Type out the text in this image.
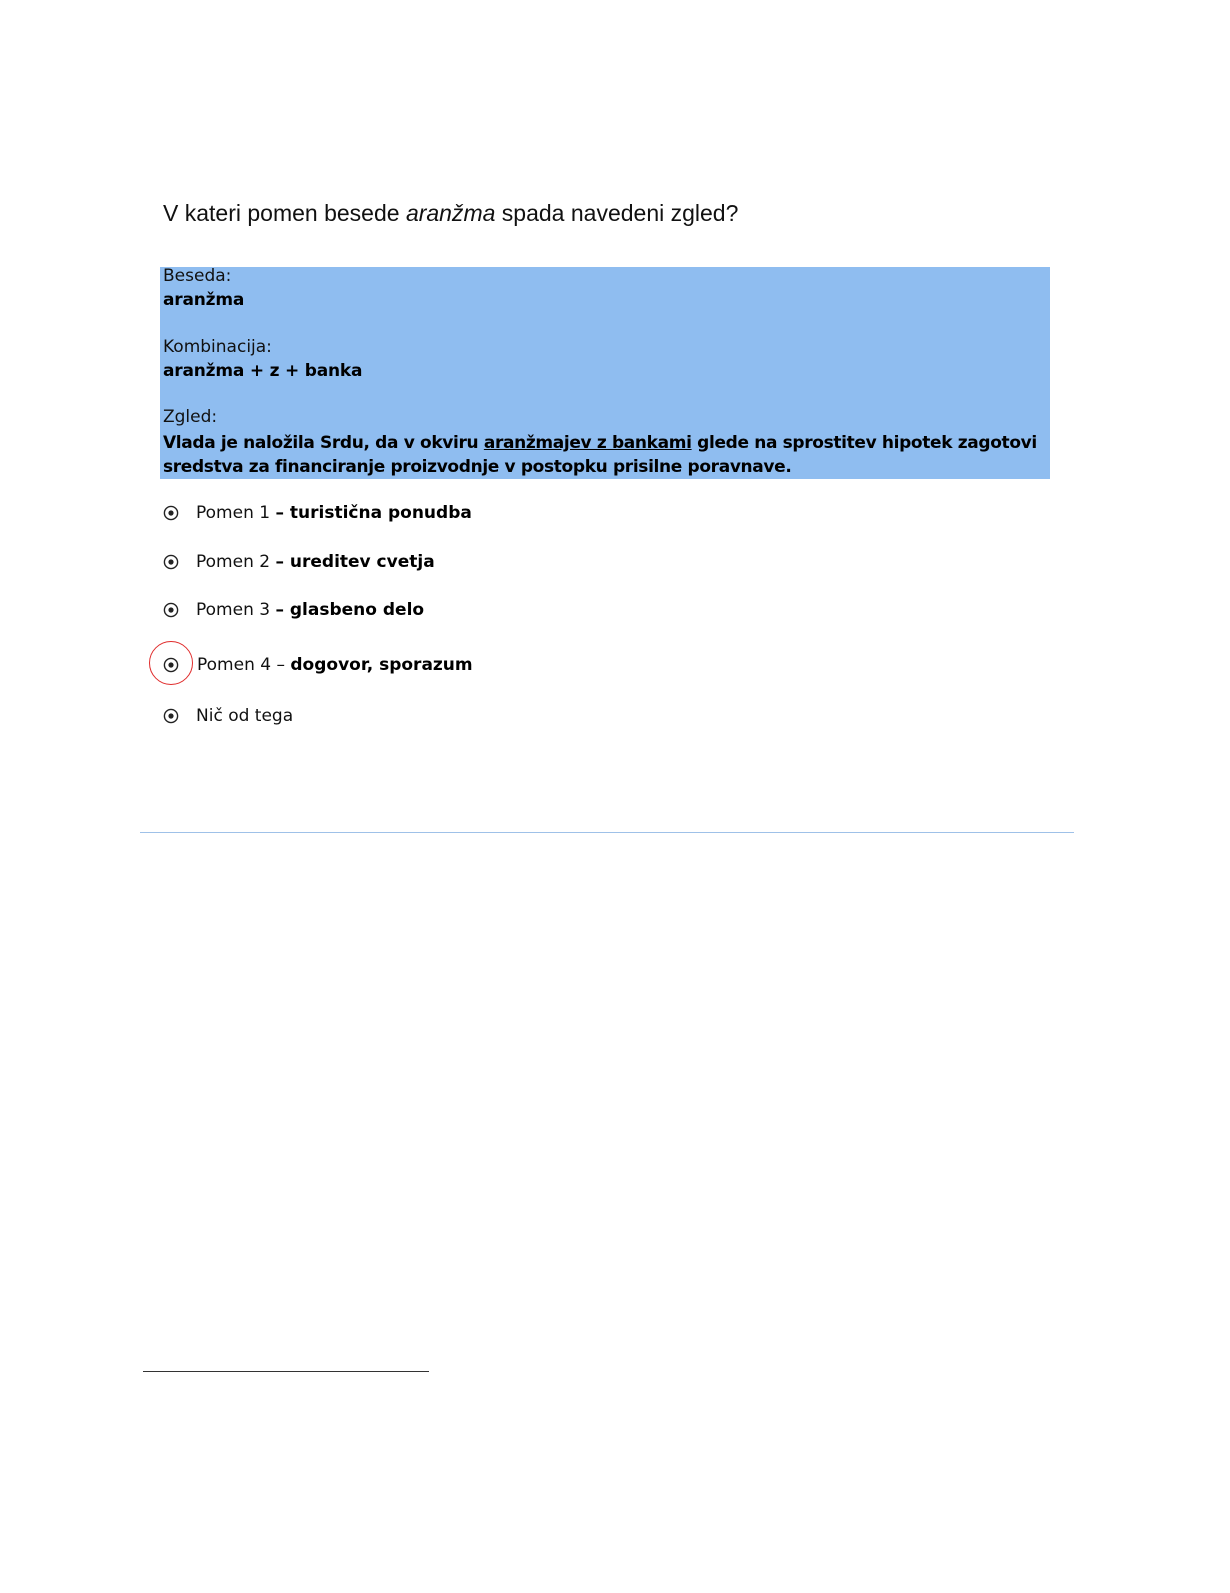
V kateri pomen besede aranžma spada navedeni zgled?
Beseda:
aranžma
Kombinacija:
aranžma + z + banka
Zgled:
Vlada je naložila Srdu, da v okviru aranžmajev z bankami glede na sprostitev hipotek zagotovi sredstva za financiranje proizvodnje v postopku prisilne poravnave.
Pomen 1 – turistična ponudba
Pomen 2 – ureditev cvetja
Pomen 3 – glasbeno delo
Pomen 4 – dogovor, sporazum
Nič od tega
